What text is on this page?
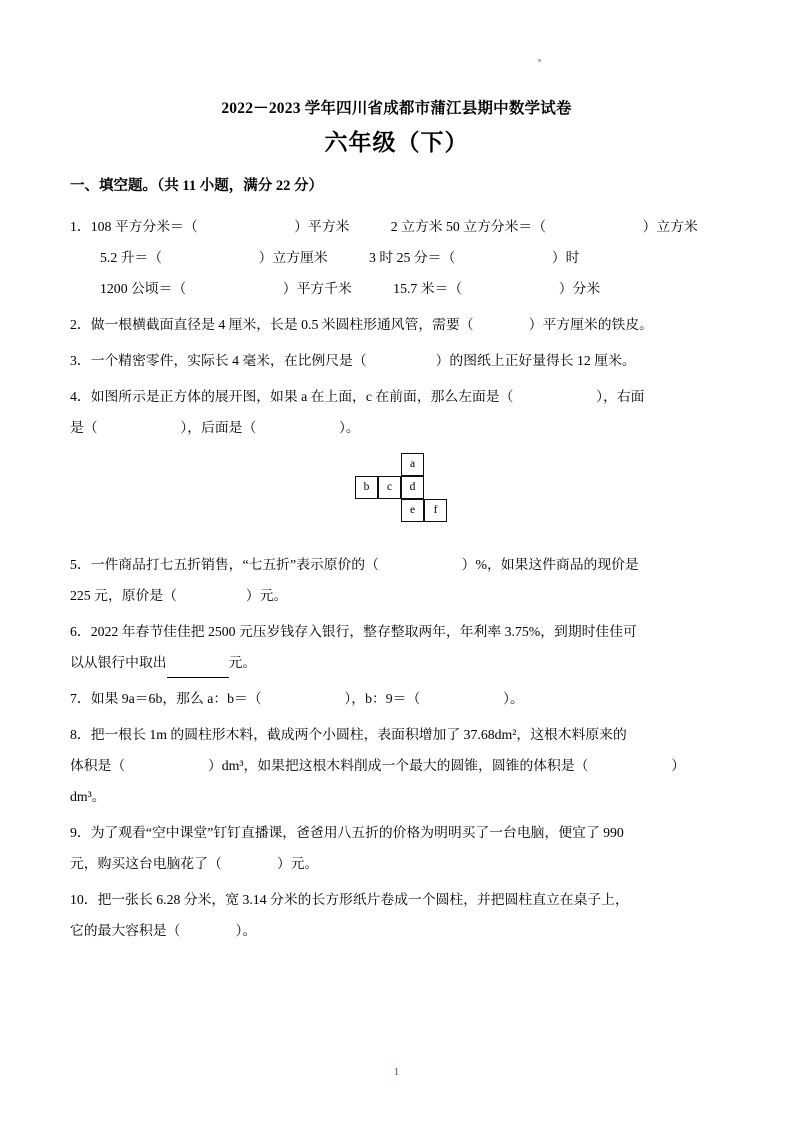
2022－2023 学年四川省成都市蒲江县期中数学试卷
六年级（下）
一、填空题。（共 11 小题，满分 22 分）
1．108 平方分米＝（　　　　　　　）平方米　　　2 立方米 50 立方分米＝（　　　　　　　）立方米
5.2 升＝（　　　　　　　）立方厘米　　　3 时 25 分＝（　　　　　　　）时
1200 公顷＝（　　　　　　　）平方千米　　　15.7 米＝（　　　　　　　）分米
2．做一根横截面直径是 4 厘米，长是 0.5 米圆柱形通风管，需要（　　　　）平方厘米的铁皮。
3．一个精密零件，实际长 4 毫米，在比例尺是（　　　　　）的图纸上正好量得长 12 厘米。
4．如图所示是正方体的展开图，如果 a 在上面，c 在前面，那么左面是（　　　　　　），右面
是（　　　　　　），后面是（　　　　　　）。
a
b	c	d
e	f
5．一件商品打七五折销售，“七五折”表示原价的（　　　　　　）%，如果这件商品的现价是
225 元，原价是（　　　　　）元。
6．2022 年春节佳佳把 2500 元压岁钱存入银行，整存整取两年，年利率 3.75%，到期时佳佳可
以从银行中取出	元。
7．如果 9a＝6b，那么 a：b＝（　　　　　　），b：9＝（　　　　　　）。
8．把一根长 1m 的圆柱形木料，截成两个小圆柱，表面积增加了 37.68dm²，这根木料原来的
体积是（　　　　　　）dm³，如果把这根木料削成一个最大的圆锥，圆锥的体积是（　　　　　　）
dm³。
9．为了观看“空中课堂”钉钉直播课，爸爸用八五折的价格为明明买了一台电脑，便宜了 990
元，购买这台电脑花了（　　　　）元。
10．把一张长 6.28 分米，宽 3.14 分米的长方形纸片卷成一个圆柱，并把圆柱直立在桌子上，
它的最大容积是（　　　　）。
1
